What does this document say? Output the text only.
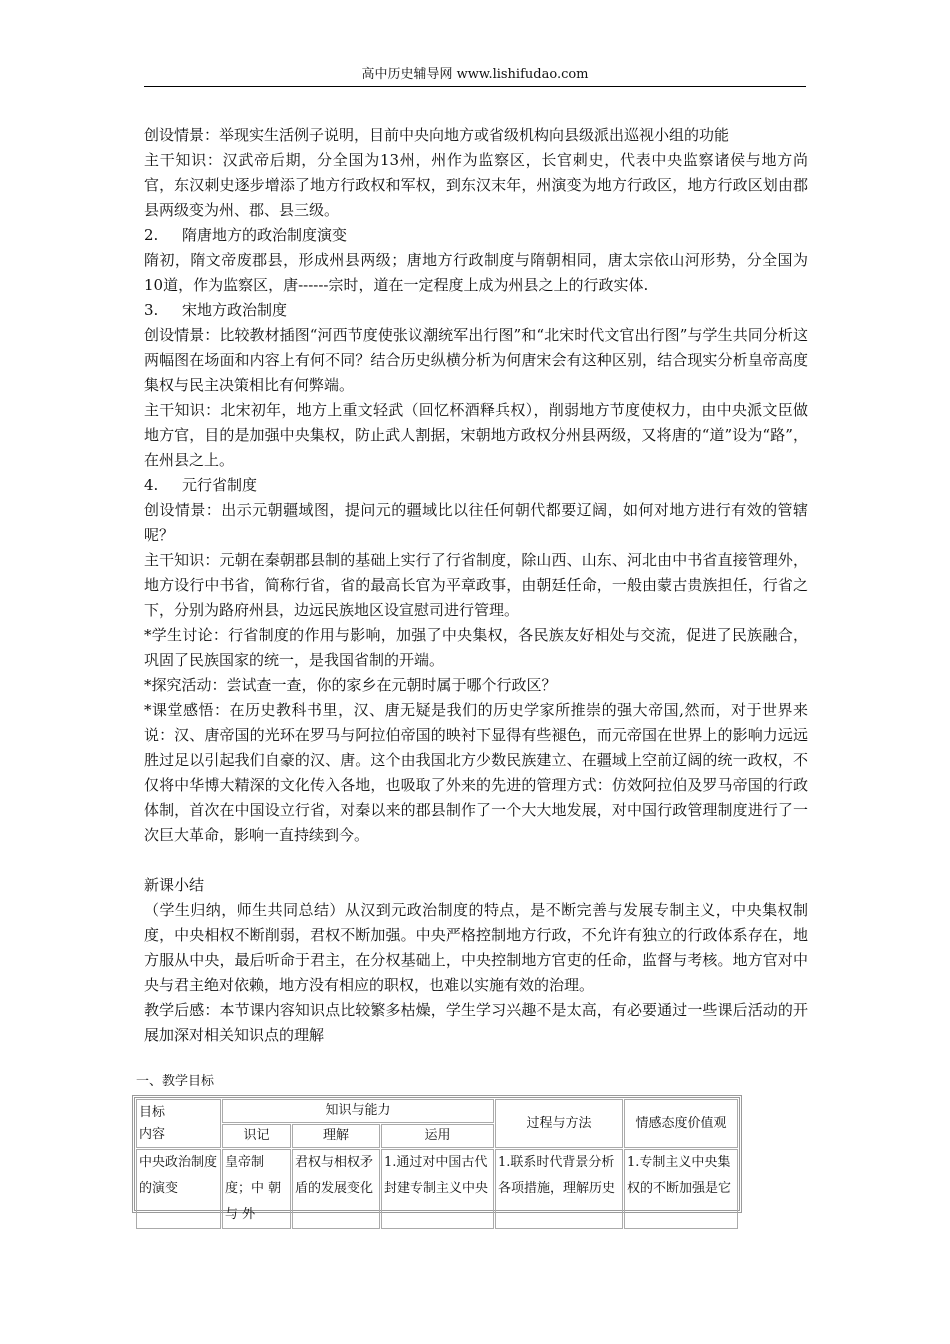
高中历史辅导网 www.lishifudao.com

创设情景：举现实生活例子说明，目前中央向地方或省级机构向县级派出巡视小组的功能

主干知识：汉武帝后期，分全国为13州，州作为监察区，长官刺史，代表中央监察诸侯与地方尚官，东汉刺史逐步增添了地方行政权和军权，到东汉末年，州演变为地方行政区，地方行政区划由郡县两级变为州、郡、县三级。

2.	隋唐地方的政治制度演变

隋初，隋文帝废郡县，形成州县两级；唐地方行政制度与隋朝相同，唐太宗依山河形势，分全国为10道，作为监察区，唐------宗时，道在一定程度上成为州县之上的行政实体.

3.	宋地方政治制度

创设情景：比较教材插图“河西节度使张议潮统军出行图”和“北宋时代文官出行图”与学生共同分析这两幅图在场面和内容上有何不同？结合历史纵横分析为何唐宋会有这种区别，结合现实分析皇帝高度集权与民主决策相比有何弊端。

主干知识：北宋初年，地方上重文轻武（回忆杯酒释兵权），削弱地方节度使权力，由中央派文臣做地方官，目的是加强中央集权，防止武人割据，宋朝地方政权分州县两级，又将唐的“道”设为“路”，在州县之上。

4.	元行省制度

创设情景：出示元朝疆域图，提问元的疆域比以往任何朝代都要辽阔，如何对地方进行有效的管辖呢？

主干知识：元朝在秦朝郡县制的基础上实行了行省制度，除山西、山东、河北由中书省直接管理外，地方设行中书省，简称行省，省的最高长官为平章政事，由朝廷任命，一般由蒙古贵族担任，行省之下，分别为路府州县，边远民族地区设宣慰司进行管理。

*学生讨论：行省制度的作用与影响，加强了中央集权，各民族友好相处与交流，促进了民族融合，巩固了民族国家的统一，是我国省制的开端。

*探究活动：尝试查一查，你的家乡在元朝时属于哪个行政区？

*课堂感悟：在历史教科书里，汉、唐无疑是我们的历史学家所推崇的强大帝国,然而，对于世界来说：汉、唐帝国的光环在罗马与阿拉伯帝国的映衬下显得有些褪色，而元帝国在世界上的影响力远远胜过足以引起我们自豪的汉、唐。这个由我国北方少数民族建立、在疆域上空前辽阔的统一政权，不仅将中华博大精深的文化传入各地，也吸取了外来的先进的管理方式：仿效阿拉伯及罗马帝国的行政体制，首次在中国设立行省，对秦以来的郡县制作了一个大大地发展，对中国行政管理制度进行了一次巨大革命，影响一直持续到今。

新课小结

（学生归纳，师生共同总结）从汉到元政治制度的特点，是不断完善与发展专制主义，中央集权制度，中央相权不断削弱，君权不断加强。中央严格控制地方行政，不允许有独立的行政体系存在，地方服从中央，最后听命于君主，在分权基础上，中央控制地方官吏的任命，监督与考核。地方官对中央与君主绝对依赖，地方没有相应的职权，也难以实施有效的治理。

教学后感：本节课内容知识点比较繁多枯燥，学生学习兴趣不是太高，有必要通过一些课后活动的开展加深对相关知识点的理解

一、教学目标
目标
内容	知识与能力			过程与方法	情感态度价值观
	识记	理解	运用		
中央政治制度的演变	皇帝制度；中 朝 与 外	君权与相权矛盾的发展变化	1.通过对中国古代封建专制主义中央	1.联系时代背景分析各项措施，理解历史	1.专制主义中央集权的不断加强是它
